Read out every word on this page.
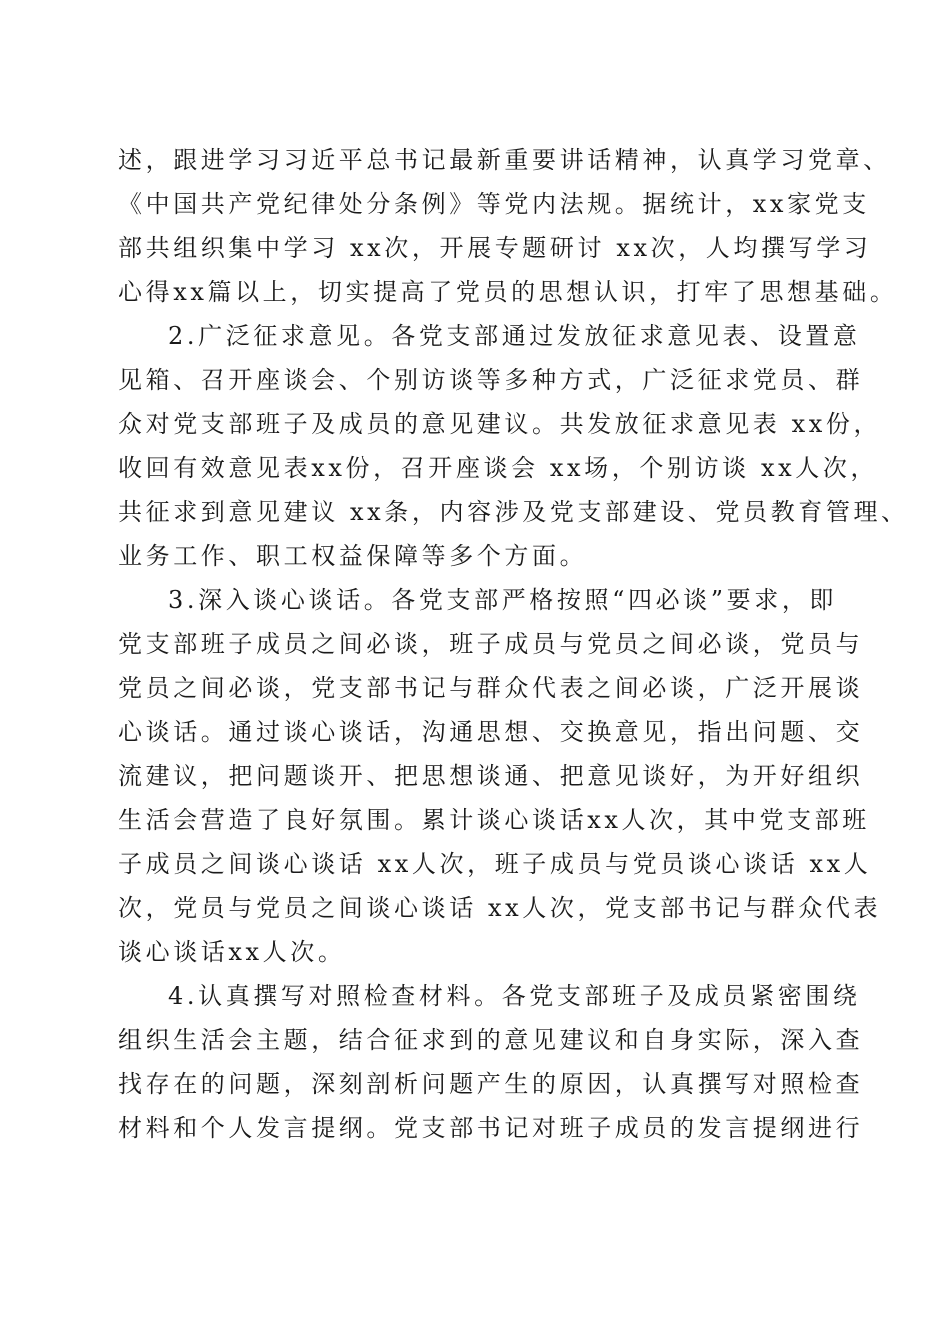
述，跟进学习习近平总书记最新重要讲话精神，认真学习党章、
《中国共产党纪律处分条例》等党内法规。据统计，xx家党支
部共组织集中学习 xx次，开展专题研讨 xx次，人均撰写学习
心得xx篇以上，切实提高了党员的思想认识，打牢了思想基础。
2.广泛征求意见。各党支部通过发放征求意见表、设置意
见箱、召开座谈会、个别访谈等多种方式，广泛征求党员、群
众对党支部班子及成员的意见建议。共发放征求意见表 xx份，
收回有效意见表xx份，召开座谈会 xx场，个别访谈 xx人次，
共征求到意见建议 xx条，内容涉及党支部建设、党员教育管理、
业务工作、职工权益保障等多个方面。
3.深入谈心谈话。各党支部严格按照“四必谈”要求，即
党支部班子成员之间必谈，班子成员与党员之间必谈，党员与
党员之间必谈，党支部书记与群众代表之间必谈，广泛开展谈
心谈话。通过谈心谈话，沟通思想、交换意见，指出问题、交
流建议，把问题谈开、把思想谈通、把意见谈好，为开好组织
生活会营造了良好氛围。累计谈心谈话xx人次，其中党支部班
子成员之间谈心谈话 xx人次，班子成员与党员谈心谈话 xx人
次，党员与党员之间谈心谈话 xx人次，党支部书记与群众代表
谈心谈话xx人次。
4.认真撰写对照检查材料。各党支部班子及成员紧密围绕
组织生活会主题，结合征求到的意见建议和自身实际，深入查
找存在的问题，深刻剖析问题产生的原因，认真撰写对照检查
材料和个人发言提纲。党支部书记对班子成员的发言提纲进行
